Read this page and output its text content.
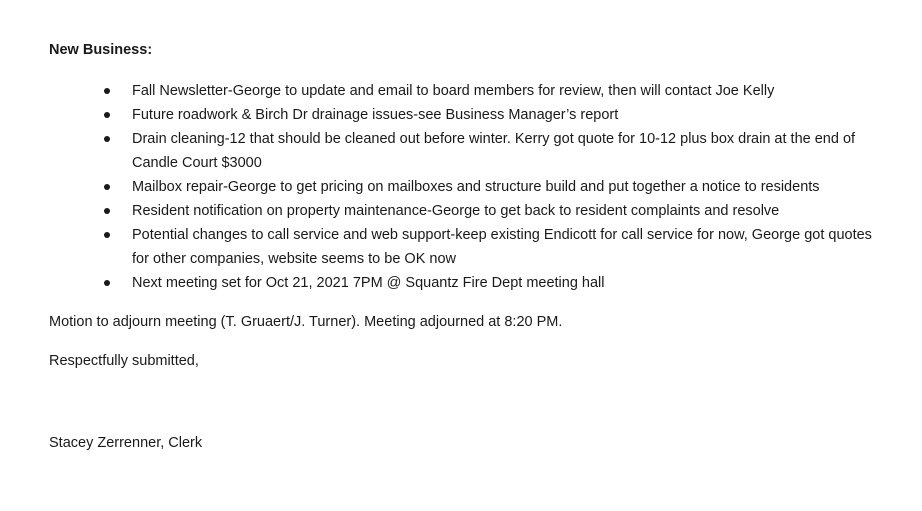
New Business:
Fall Newsletter-George to update and email to board members for review, then will contact Joe Kelly
Future roadwork & Birch Dr drainage issues-see Business Manager’s report
Drain cleaning-12 that should be cleaned out before winter. Kerry got quote for 10-12 plus box drain at the end of Candle Court $3000
Mailbox repair-George to get pricing on mailboxes and structure build and put together a notice to residents
Resident notification on property maintenance-George to get back to resident complaints and resolve
Potential changes to call service and web support-keep existing Endicott for call service for now, George got quotes for other companies, website seems to be OK now
Next meeting set for Oct 21, 2021 7PM @ Squantz Fire Dept meeting hall
Motion to adjourn meeting (T. Gruaert/J. Turner). Meeting adjourned at 8:20 PM.
Respectfully submitted,
Stacey Zerrenner, Clerk
